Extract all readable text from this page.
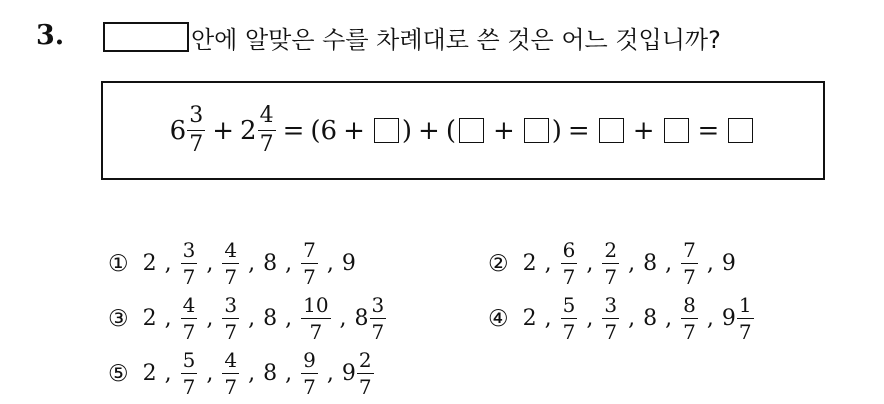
3.	안에 알맞은 수를 차례대로 쓴 것은 어느 것입니까?
$6 \frac{3}{7} + 2 \frac{4}{7}$ = ( 6 + ) + ( + ) = + =
① 2 , $\frac{3}{7}$ , $\frac{4}{7}$ , 8 , $\frac{7}{7}$ , 9	② 2 , $\frac{6}{7}$ , $\frac{2}{7}$ , 8 , $\frac{7}{7}$ , 9
③ 2 , $\frac{4}{7}$ , $\frac{3}{7}$ , 8 , $\frac{10}{7}$ , $8 \frac{3}{7}$	④ 2 , $\frac{5}{7}$ , $\frac{3}{7}$ , 8 , $\frac{8}{7}$ , $9 \frac{1}{7}$
⑤ 2 , $\frac{5}{7}$ , $\frac{4}{7}$ , 8 , $\frac{9}{7}$ , $9 \frac{2}{7}$
